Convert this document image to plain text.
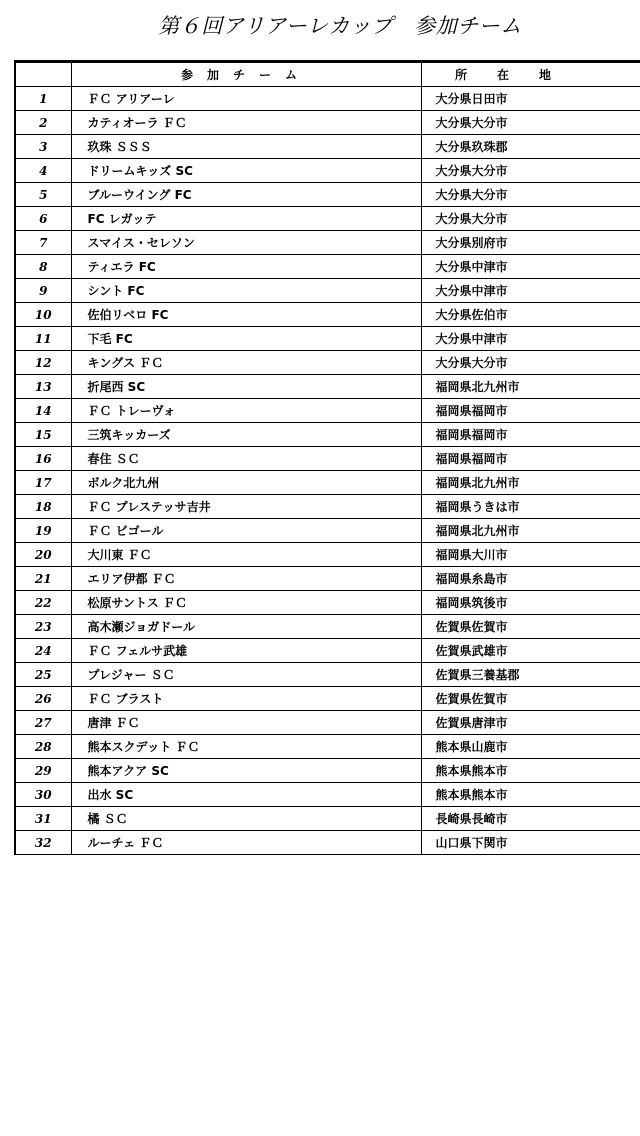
第６回アリアーレカップ　参加チーム
	参加チーム	所在地
1	ＦＣ アリアーレ	大分県日田市
2	カティオーラ ＦＣ	大分県大分市
3	玖珠 ＳＳＳ	大分県玖珠郡
4	ドリームキッズ SC	大分県大分市
5	ブルーウイング FC	大分県大分市
6	FC レガッテ	大分県大分市
7	スマイス・セレソン	大分県別府市
8	ティエラ FC	大分県中津市
9	シント FC	大分県中津市
10	佐伯リベロ FC	大分県佐伯市
11	下毛 FC	大分県中津市
12	キングス ＦＣ	大分県大分市
13	折尾西 SC	福岡県北九州市
14	ＦＣ トレーヴォ	福岡県福岡市
15	三筑キッカーズ	福岡県福岡市
16	春住 ＳＣ	福岡県福岡市
17	ボルク北九州	福岡県北九州市
18	ＦＣ プレステッサ吉井	福岡県うきは市
19	ＦＣ ビゴール	福岡県北九州市
20	大川東 ＦＣ	福岡県大川市
21	エリア伊都 ＦＣ	福岡県糸島市
22	松原サントス ＦＣ	福岡県筑後市
23	高木瀬ジョガドール	佐賀県佐賀市
24	ＦＣ フェルサ武雄	佐賀県武雄市
25	プレジャー ＳＣ	佐賀県三養基郡
26	ＦＣ ブラスト	佐賀県佐賀市
27	唐津 ＦＣ	佐賀県唐津市
28	熊本スクデット ＦＣ	熊本県山鹿市
29	熊本アクア SC	熊本県熊本市
30	出水 SC	熊本県熊本市
31	橘 ＳＣ	長崎県長崎市
32	ルーチェ ＦＣ	山口県下関市
